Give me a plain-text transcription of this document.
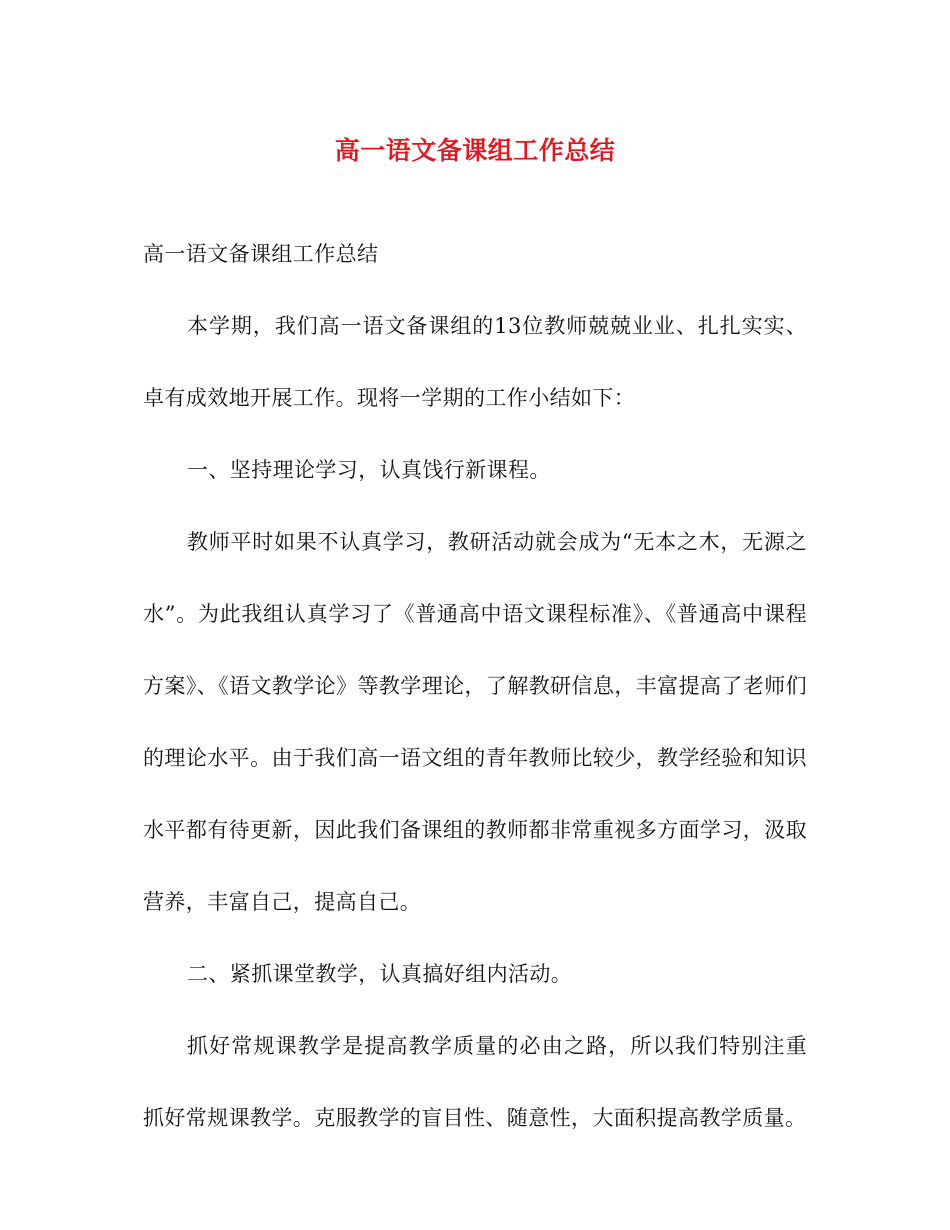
高一语文备课组工作总结

高一语文备课组工作总结

本学期，我们高一语文备课组的13位教师兢兢业业、扎扎实实、卓有成效地开展工作。现将一学期的工作小结如下：

一、坚持理论学习，认真饯行新课程。

教师平时如果不认真学习，教研活动就会成为“无本之木，无源之水”。为此我组认真学习了《普通高中语文课程标准》、《普通高中课程方案》、《语文教学论》等教学理论，了解教研信息，丰富提高了老师们的理论水平。由于我们高一语文组的青年教师比较少，教学经验和知识水平都有待更新，因此我们备课组的教师都非常重视多方面学习，汲取营养，丰富自己，提高自己。

二、紧抓课堂教学，认真搞好组内活动。

抓好常规课教学是提高教学质量的必由之路，所以我们特别注重抓好常规课教学。克服教学的盲目性、随意性，大面积提高教学质量。
